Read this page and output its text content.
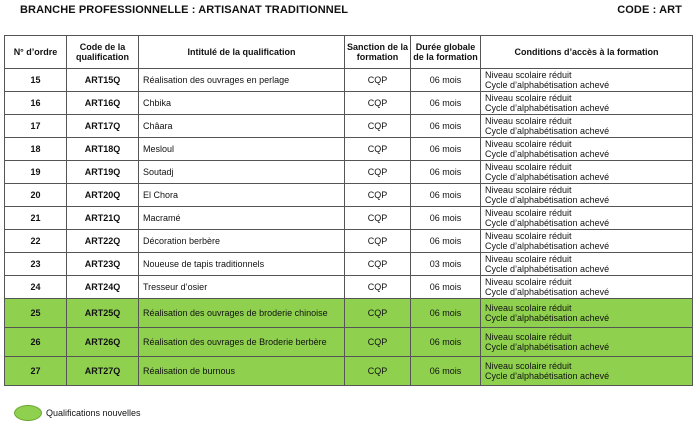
BRANCHE PROFESSIONNELLE : ARTISANAT TRADITIONNEL	CODE : ART
N° d’ordre	Code de la qualification	Intitulé de la qualification	Sanction de la formation	Durée globale de la formation	Conditions d’accès à la formation
15	ART15Q	Réalisation des ouvrages en perlage	CQP	06 mois	Niveau scolaire réduit
Cycle d’alphabétisation achevé

16	ART16Q	Chbika	CQP	06 mois	Niveau scolaire réduit
Cycle d’alphabétisation achevé

17	ART17Q	Châara	CQP	06 mois	Niveau scolaire réduit
Cycle d’alphabétisation achevé

18	ART18Q	Mesloul	CQP	06 mois	Niveau scolaire réduit
Cycle d’alphabétisation achevé

19	ART19Q	Soutadj	CQP	06 mois	Niveau scolaire réduit
Cycle d’alphabétisation achevé

20	ART20Q	El Chora	CQP	06 mois	Niveau scolaire réduit
Cycle d’alphabétisation achevé

21	ART21Q	Macramé	CQP	06 mois	Niveau scolaire réduit
Cycle d’alphabétisation achevé

22	ART22Q	Décoration berbère	CQP	06 mois	Niveau scolaire réduit
Cycle d’alphabétisation achevé

23	ART23Q	Noueuse de tapis traditionnels	CQP	03 mois	Niveau scolaire réduit
Cycle d’alphabétisation achevé

24	ART24Q	Tresseur d’osier	CQP	06 mois	Niveau scolaire réduit
Cycle d’alphabétisation achevé

25	ART25Q	Réalisation des ouvrages de broderie chinoise	CQP	06 mois	Niveau scolaire réduit
Cycle d’alphabétisation achevé

26	ART26Q	Réalisation des ouvrages de Broderie berbère	CQP	06 mois	Niveau scolaire réduit
Cycle d’alphabétisation achevé

27	ART27Q	Réalisation de burnous	CQP	06 mois	Niveau scolaire réduit
Cycle d’alphabétisation achevé
Qualifications nouvelles
